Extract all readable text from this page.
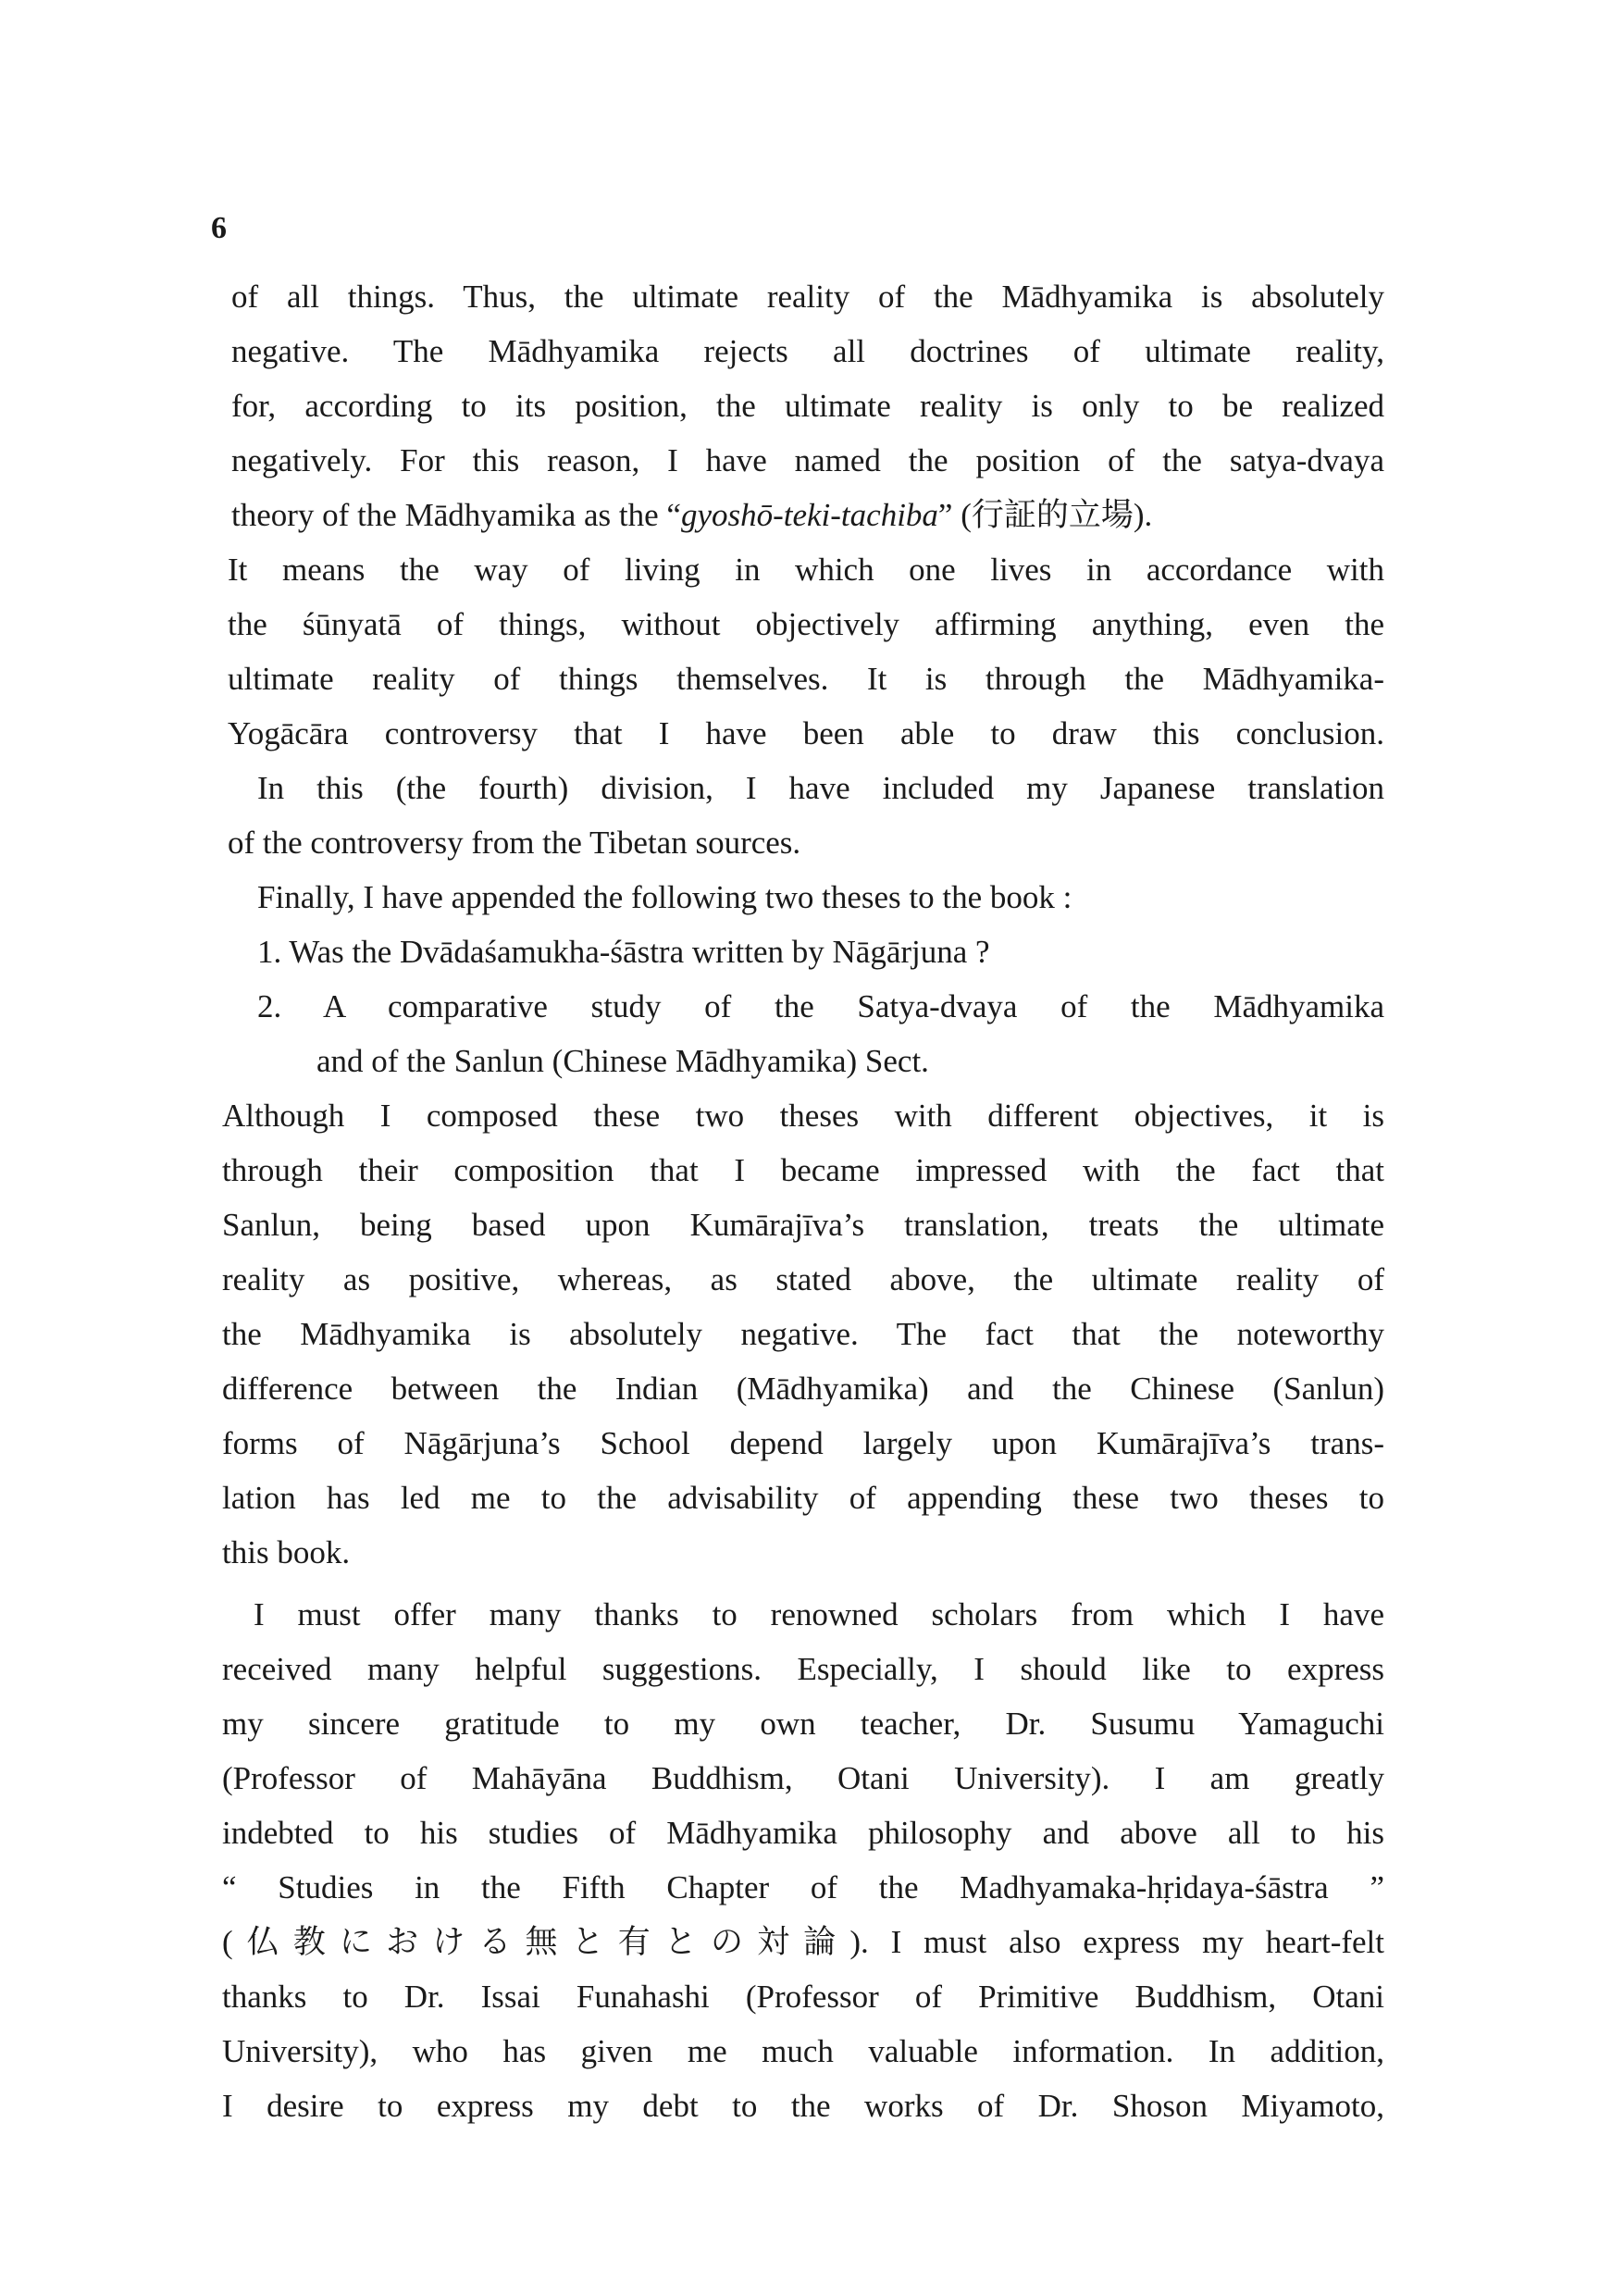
6
of all things. Thus, the ultimate reality of the Mādhyamika is absolutely
negative. The Mādhyamika rejects all doctrines of ultimate reality,
for, according to its position, the ultimate reality is only to be realized
negatively. For this reason, I have named the position of the satya-dvaya
theory of the Mādhyamika as the “gyoshō-teki-tachiba” (行証的立場).
It means the way of living in which one lives in accordance with
the śūnyatā of things, without objectively affirming anything, even the
ultimate reality of things themselves. It is through the Mādhyamika-
Yogācāra controversy that I have been able to draw this conclusion.
In this (the fourth) division, I have included my Japanese translation
of the controversy from the Tibetan sources.
Finally, I have appended the following two theses to the book :
1. Was the Dvādaśamukha-śāstra written by Nāgārjuna ?
2. A comparative study of the Satya-dvaya of the Mādhyamika
and of the Sanlun (Chinese Mādhyamika) Sect.
Although I composed these two theses with different objectives, it is
through their composition that I became impressed with the fact that
Sanlun, being based upon Kumārajīva’s translation, treats the ultimate
reality as positive, whereas, as stated above, the ultimate reality of
the Mādhyamika is absolutely negative. The fact that the noteworthy
difference between the Indian (Mādhyamika) and the Chinese (Sanlun)
forms of Nāgārjuna’s School depend largely upon Kumārajīva’s trans-
lation has led me to the advisability of appending these two theses to
this book.
I must offer many thanks to renowned scholars from which I have
received many helpful suggestions. Especially, I should like to express
my sincere gratitude to my own teacher, Dr. Susumu Yamaguchi
(Professor of Mahāyāna Buddhism, Otani University). I am greatly
indebted to his studies of Mādhyamika philosophy and above all to his
“ Studies in the Fifth Chapter of the Madhyamaka-hṛidaya-śāstra ”
(仏教における無と有との対論). I must also express my heart-felt
thanks to Dr. Issai Funahashi (Professor of Primitive Buddhism, Otani
University), who has given me much valuable information. In addition,
I desire to express my debt to the works of Dr. Shoson Miyamoto,
